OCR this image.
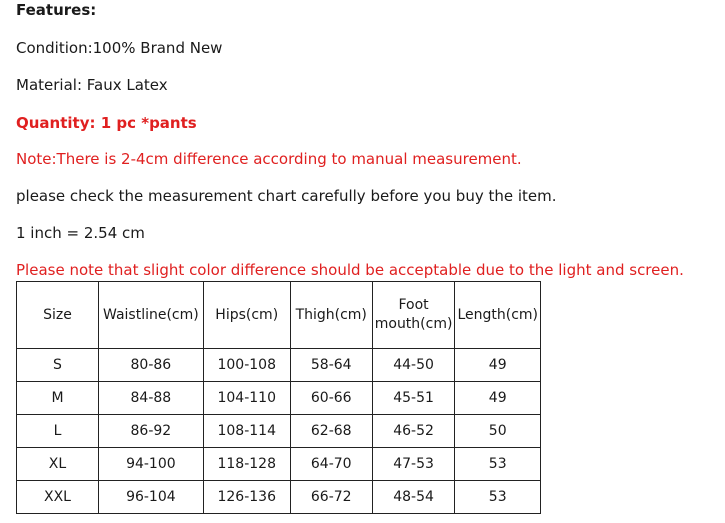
Features:
Condition:100% Brand New
Material: Faux Latex
Quantity: 1 pc *pants
Note:There is 2-4cm difference according to manual measurement.
please check the measurement chart carefully before you buy the item.
1 inch = 2.54 cm
Please note that slight color difference should be acceptable due to the light and screen.
Size	Waistline(cm)	Hips(cm)	Thigh(cm)	Foot mouth(cm)	Length(cm)
S	80-86	100-108	58-64	44-50	49
M	84-88	104-110	60-66	45-51	49
L	86-92	108-114	62-68	46-52	50
XL	94-100	118-128	64-70	47-53	53
XXL	96-104	126-136	66-72	48-54	53
